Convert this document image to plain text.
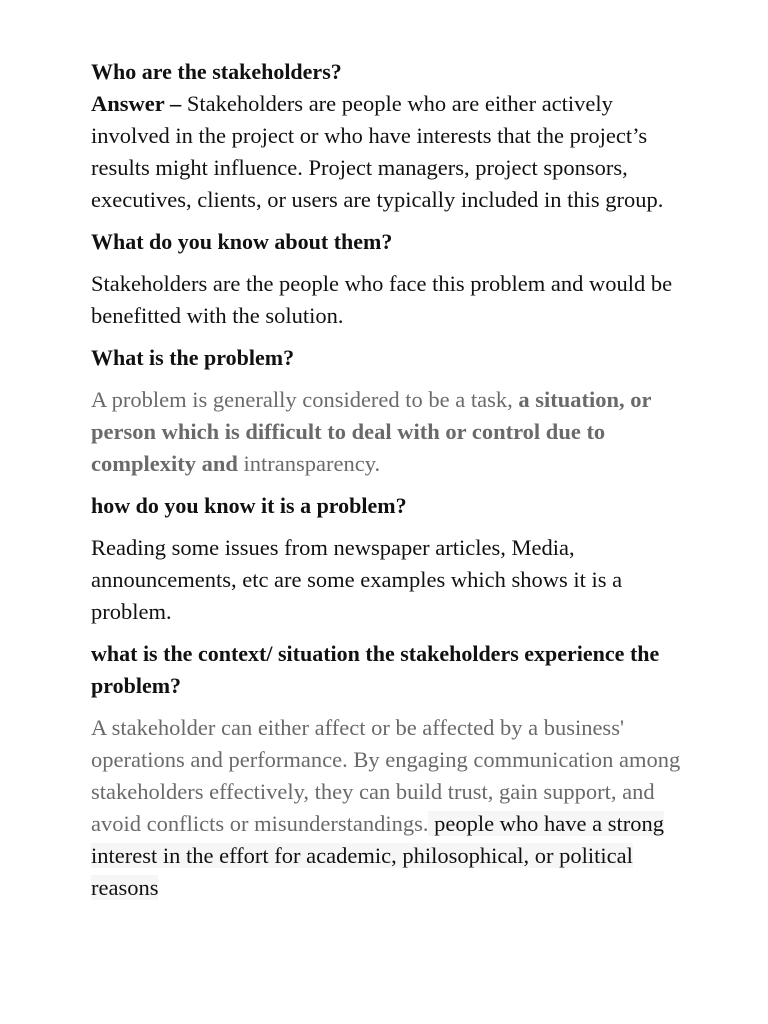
Who are the stakeholders?

Answer – Stakeholders are people who are either actively involved in the project or who have interests that the project’s results might influence. Project managers, project sponsors, executives, clients, or users are typically included in this group.

What do you know about them?

Stakeholders are the people who face this problem and would be benefitted with the solution.

What is the problem?

A problem is generally considered to be a task, a situation, or person which is difficult to deal with or control due to complexity and intransparency.

how do you know it is a problem?

Reading some issues from newspaper articles, Media, announcements, etc are some examples which shows it is a problem.

what is the context/ situation the stakeholders experience the problem?

A stakeholder can either affect or be affected by a business' operations and performance. By engaging communication among stakeholders effectively, they can build trust, gain support, and avoid conflicts or misunderstandings. people who have a strong interest in the effort for academic, philosophical, or political reasons
